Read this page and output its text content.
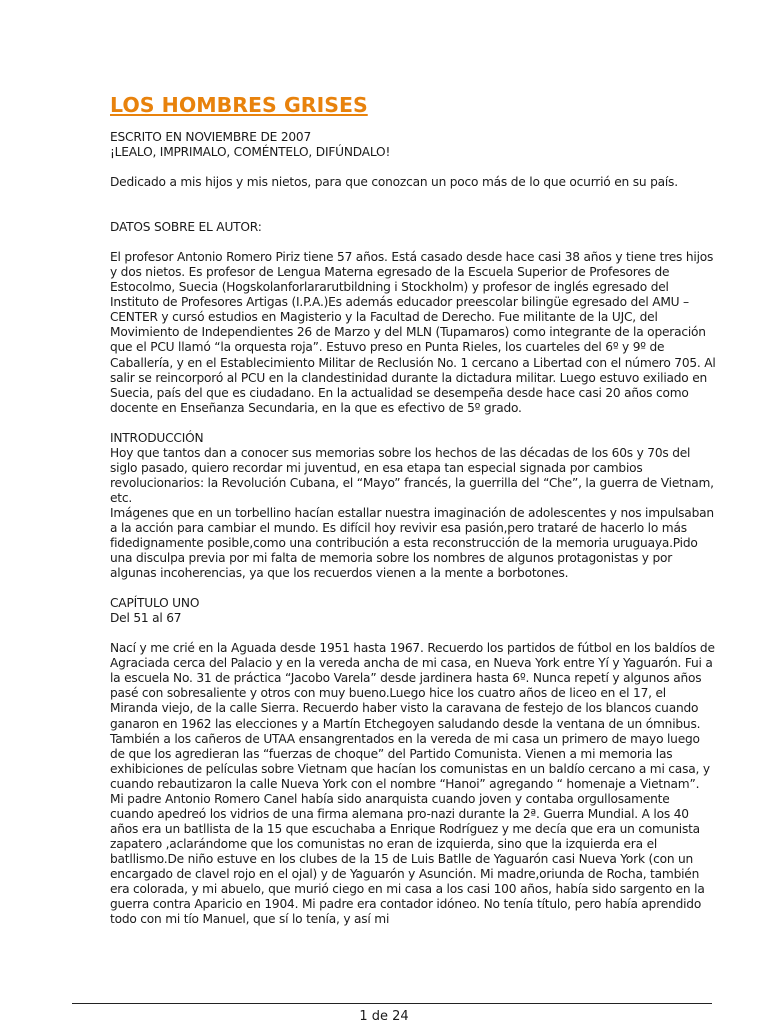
LOS HOMBRES GRISES

ESCRITO EN NOVIEMBRE DE 2007

¡LEALO, IMPRIMALO, COMÉNTELO, DIFÚNDALO!

Dedicado a mis hijos y mis nietos, para que conozcan un poco más de lo que ocurrió en su país.

DATOS SOBRE EL AUTOR:

El profesor Antonio Romero Piriz tiene 57 años. Está casado desde hace casi 38 años y tiene tres hijos y dos nietos. Es profesor de Lengua Materna egresado de la Escuela Superior de Profesores de Estocolmo, Suecia (Hogskolanforlararutbildning i Stockholm) y profesor de inglés egresado del Instituto de Profesores Artigas (I.P.A.)Es además educador preescolar bilingüe egresado del AMU – CENTER y cursó estudios en Magisterio y la Facultad de Derecho. Fue militante de la UJC, del Movimiento de Independientes 26 de Marzo y del MLN (Tupamaros) como integrante de la operación que el PCU llamó “la orquesta roja”. Estuvo preso en Punta Rieles, los cuarteles del 6º y 9º de Caballería, y en el Establecimiento Militar de Reclusión No. 1 cercano a Libertad con el número 705. Al salir se reincorporó al PCU en la clandestinidad durante la dictadura militar. Luego estuvo exiliado en Suecia, país del que es ciudadano. En la actualidad se desempeña desde hace casi 20 años como docente en Enseñanza Secundaria, en la que es efectivo de 5º grado.

INTRODUCCIÓN

Hoy que tantos dan a conocer sus memorias sobre los hechos de las décadas de los 60s y 70s del siglo pasado, quiero recordar mi juventud, en esa etapa tan especial signada por cambios revolucionarios: la Revolución Cubana, el “Mayo” francés, la guerrilla del “Che”, la guerra de Vietnam, etc.

Imágenes que en un torbellino hacían estallar nuestra imaginación de adolescentes y nos impulsaban a la acción para cambiar el mundo. Es difícil hoy revivir esa pasión,pero trataré de hacerlo lo más fidedignamente posible,como una contribución a esta reconstrucción de la memoria uruguaya.Pido una disculpa previa por mi falta de memoria sobre los nombres de algunos protagonistas y por algunas incoherencias, ya que los recuerdos vienen a la mente a borbotones.

CAPÍTULO UNO

Del 51 al 67

Nací y me crié en la Aguada desde 1951 hasta 1967. Recuerdo los partidos de fútbol en los baldíos de Agraciada cerca del Palacio y en la vereda ancha de mi casa, en Nueva York entre Yí y Yaguarón. Fui a la escuela No. 31 de práctica “Jacobo Varela” desde jardinera hasta 6º. Nunca repetí y algunos años pasé con sobresaliente y otros con muy bueno.Luego hice los cuatro años de liceo en el 17, el Miranda viejo, de la calle Sierra. Recuerdo haber visto la caravana de festejo de los blancos cuando ganaron en 1962 las elecciones y a Martín Etchegoyen saludando desde la ventana de un ómnibus. También a los cañeros de UTAA ensangrentados en la vereda de mi casa un primero de mayo luego de que los agredieran las “fuerzas de choque” del Partido Comunista. Vienen a mi memoria las exhibiciones de películas sobre Vietnam que hacían los comunistas en un baldío cercano a mi casa, y cuando rebautizaron la calle Nueva York con el nombre “Hanoi” agregando “ homenaje a Vietnam”. Mi padre Antonio Romero Canel había sido anarquista cuando joven y contaba orgullosamente cuando apedreó los vidrios de una firma alemana pro-nazi durante la 2ª. Guerra Mundial. A los 40 años era un batllista de la 15 que escuchaba a Enrique Rodríguez y me decía que era un comunista zapatero ,aclarándome que los comunistas no eran de izquierda, sino que la izquierda era el batllismo.De niño estuve en los clubes de la 15 de Luis Batlle de Yaguarón casi Nueva York (con un encargado de clavel rojo en el ojal) y de Yaguarón y Asunción. Mi madre,oriunda de Rocha, también era colorada, y mi abuelo, que murió ciego en mi casa a los casi 100 años, había sido sargento en la guerra contra Aparicio en 1904. Mi padre era contador idóneo. No tenía título, pero había aprendido todo con mi tío Manuel, que sí lo tenía, y así mi

1 de 24
